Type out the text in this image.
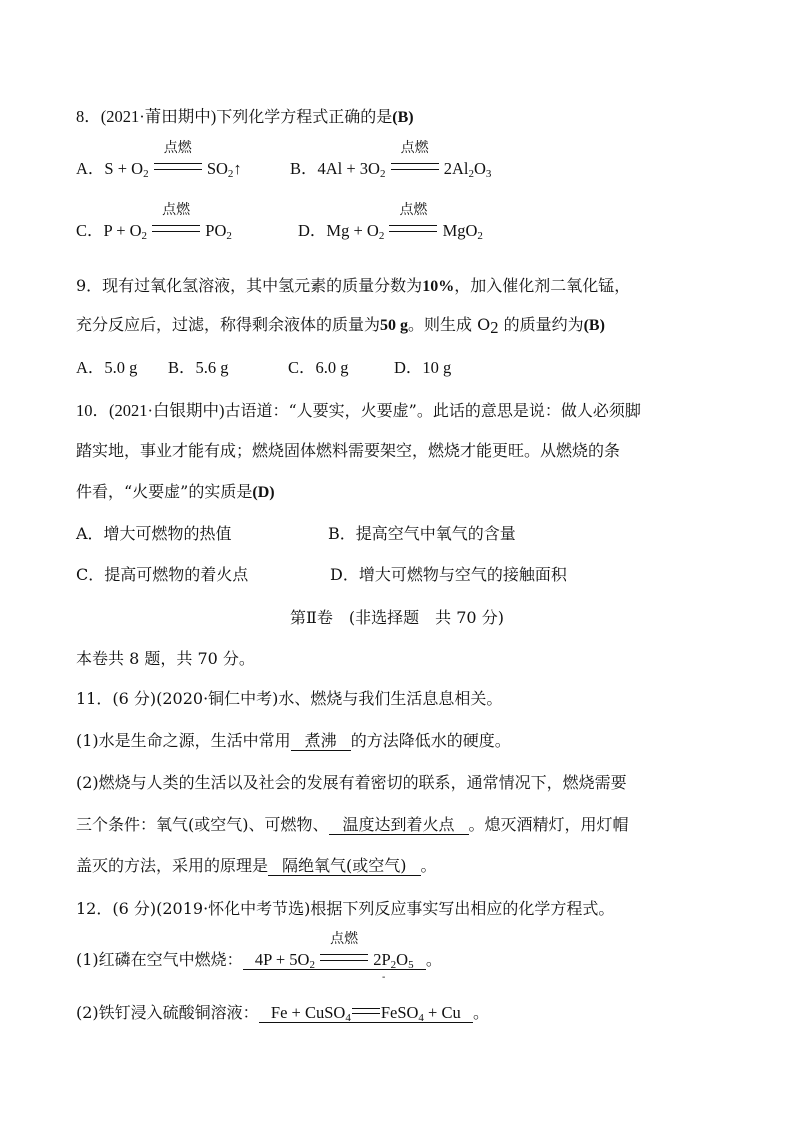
8．(2021·莆田期中)下列化学方程式正确的是(B)
A．$S + O_2$
点燃
$SO_2↑$	B．$4Al + 3O_2$
点燃
$2Al_2O_3$
C．$P + O_2$
点燃
$PO_2$	D．$Mg + O_2$
点燃
MgO$_2$
9．现有过氧化氢溶液，其中氢元素的质量分数为10%，加入催化剂二氧化锰，
充分反应后，过滤，称得剩余液体的质量为50 g。则生成 $O_2$ 的质量约为(B)
A．5.0 g B．5.6 g	C．6.0 g	D．10 g
10．(2021·白银期中)古语道：“人要实，火要虚”。此话的意思是说：做人必须脚
踏实地，事业才能有成；燃烧固体燃料需要架空，燃烧才能更旺。从燃烧的条
件看，“火要虚”的实质是(D)
A．增大可燃物的热值	B．提高空气中氧气的含量
C．提高可燃物的着火点	D．增大可燃物与空气的接触面积
第Ⅱ卷　(非选择题　共 70 分)
本卷共 8 题，共 70 分。
11．(6 分)(2020·铜仁中考)水、燃烧与我们生活息息相关。
(1)水是生命之源，生活中常用 煮沸 的方法降低水的硬度。
(2)燃烧与人类的生活以及社会的发展有着密切的联系，通常情况下，燃烧需要
三个条件：氧气(或空气)、可燃物、 温度达到着火点 。熄灭酒精灯，用灯帽
盖灭的方法，采用的原理是 隔绝氧气(或空气) 。
12．(6 分)(2019·怀化中考节选)根据下列反应事实写出相应的化学方程式。
(1)红磷在空气中燃烧： $4P + 5O_2$
点燃
$2P_2O_5$ 。
-
(2)铁钉浸入硫酸铜溶液： Fe + CuSO$_4$ FeSO$_4$ + Cu 。
